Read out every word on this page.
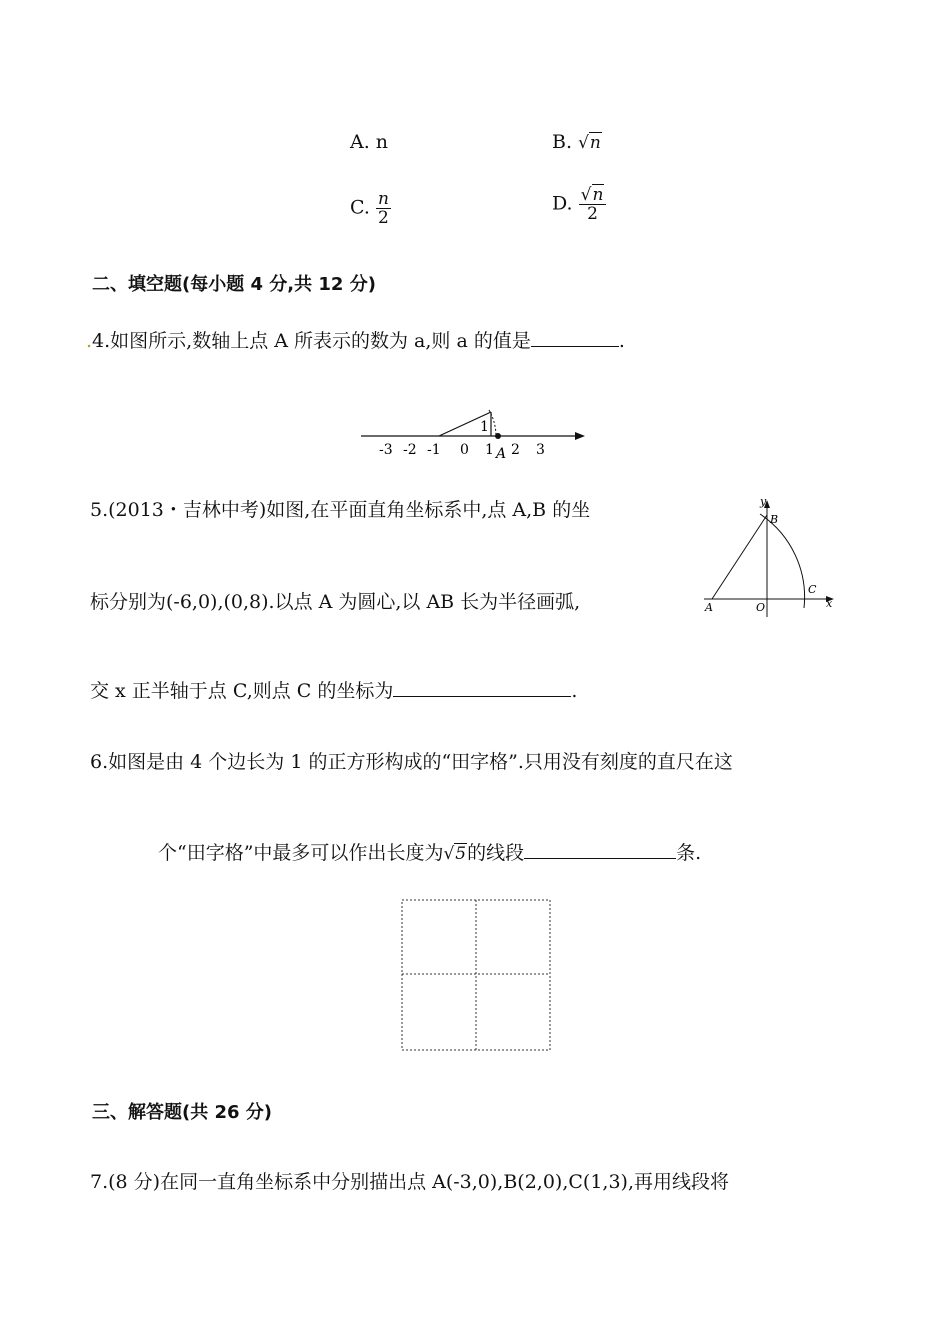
A. n	B. √n
C. $\frac{n}{2}$	D. $\frac{√n}{2}$
二、填空题(每小题 4 分,共 12 分)
.4.如图所示,数轴上点 A 所表示的数为 a,则 a 的值是	.
1
-3 -2 -1 0 1 2 3
A
5.(2013・吉林中考)如图,在平面直角坐标系中,点 A,B 的坐
标分别为(-6,0),(0,8).以点 A 为圆心,以 AB 长为半径画弧,
交 x 正半轴于点 C,则点 C 的坐标为	.
y
x
A
B
C
O
6.如图是由 4 个边长为 1 的正方形构成的“田字格”.只用没有刻度的直尺在这
个“田字格”中最多可以作出长度为√5的线段	条.
三、解答题(共 26 分)
7.(8 分)在同一直角坐标系中分别描出点 A(-3,0),B(2,0),C(1,3),再用线段将
